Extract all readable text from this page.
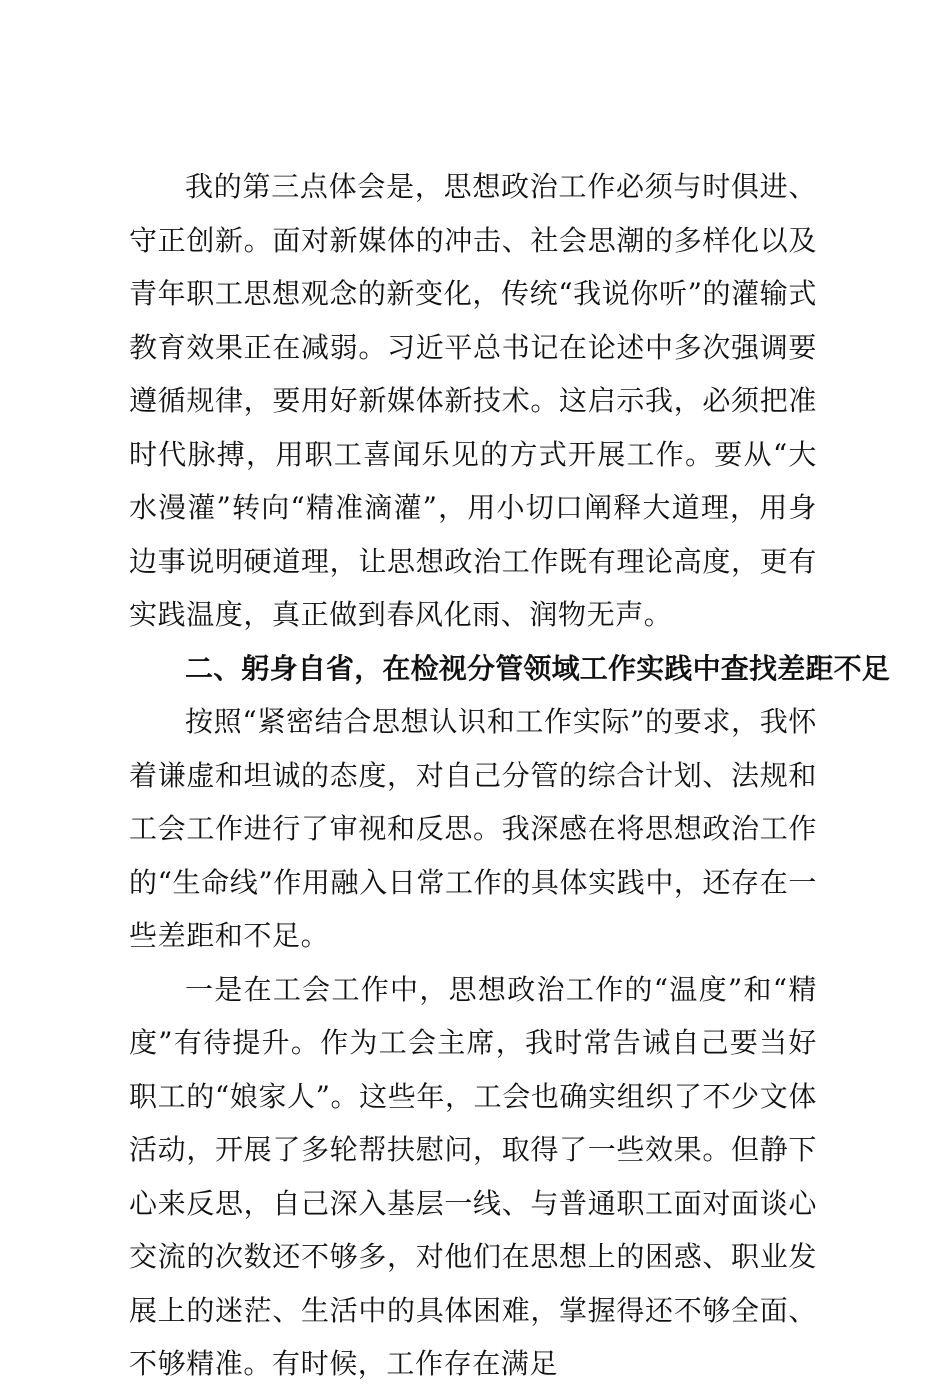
我的第三点体会是，思想政治工作必须与时俱进、守正创新。面对新媒体的冲击、社会思潮的多样化以及青年职工思想观念的新变化，传统“我说你听”的灌输式教育效果正在减弱。习近平总书记在论述中多次强调要遵循规律，要用好新媒体新技术。这启示我，必须把准时代脉搏，用职工喜闻乐见的方式开展工作。要从“大水漫灌”转向“精准滴灌”，用小切口阐释大道理，用身边事说明硬道理，让思想政治工作既有理论高度，更有实践温度，真正做到春风化雨、润物无声。

二、躬身自省，在检视分管领域工作实践中查找差距不足

按照“紧密结合思想认识和工作实际”的要求，我怀着谦虚和坦诚的态度，对自己分管的综合计划、法规和工会工作进行了审视和反思。我深感在将思想政治工作的“生命线”作用融入日常工作的具体实践中，还存在一些差距和不足。

一是在工会工作中，思想政治工作的“温度”和“精度”有待提升。作为工会主席，我时常告诫自己要当好职工的“娘家人”。这些年，工会也确实组织了不少文体活动，开展了多轮帮扶慰问，取得了一些效果。但静下心来反思，自己深入基层一线、与普通职工面对面谈心交流的次数还不够多，对他们在思想上的困惑、职业发展上的迷茫、生活中的具体困难，掌握得还不够全面、不够精准。有时候，工作存在满足
